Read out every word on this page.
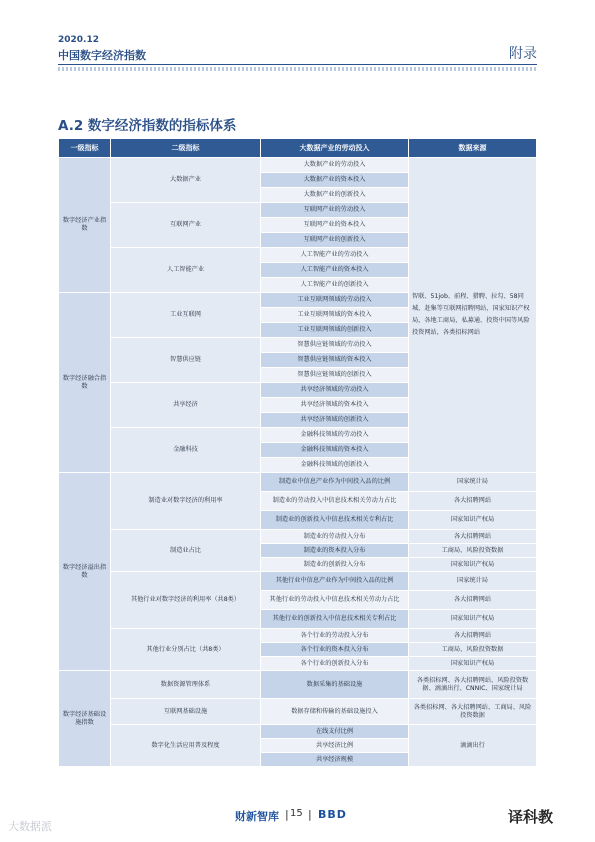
2020.12
中国数字经济指数	附录
A.2 数字经济指数的指标体系
一级指标	二级指标	大数据产业的劳动投入	数据来源
数字经济产业指数	大数据产业	大数据产业的劳动投入	智联、51job、前程、猎聘、拉勾、58同城、赶集等互联网招聘网站，国家知识产权局，各地工商局，私募通、投资中国等风险投资网站，各类招标网站
		大数据产业的资本投入	
		大数据产业的创新投入	
	互联网产业	互联网产业的劳动投入	
		互联网产业的资本投入	
		互联网产业的创新投入	
	人工智能产业	人工智能产业的劳动投入	
		人工智能产业的资本投入	
		人工智能产业的创新投入	
数字经济融合指数	工业互联网	工业互联网领域的劳动投入	
		工业互联网领域的资本投入	
		工业互联网领域的创新投入	
	智慧供应链	智慧供应链领域的劳动投入	
		智慧供应链领域的资本投入	
		智慧供应链领域的创新投入	
	共享经济	共享经济领域的劳动投入	
		共享经济领域的资本投入	
		共享经济领域的创新投入	
	金融科技	金融科技领域的劳动投入	
		金融科技领域的资本投入	
		金融科技领域的创新投入	
数字经济溢出指数	制造业对数字经济的利用率	制造业中信息产业作为中间投入品的比例	国家统计局
		制造业的劳动投入中信息技术相关劳动力占比	各大招聘网站
		制造业的创新投入中信息技术相关专利占比	国家知识产权局
	制造业占比	制造业的劳动投入分布	各大招聘网站
		制造业的资本投入分布	工商局、风险投资数据
		制造业的创新投入分布	国家知识产权局
	其他行业对数字经济的利用率（共8类）	其他行业中信息产业作为中间投入品的比例	国家统计局
		其他行业的劳动投入中信息技术相关劳动力占比	各大招聘网站
		其他行业的创新投入中信息技术相关专利占比	国家知识产权局
	其他行业分别占比（共8类）	各个行业的劳动投入分布	各大招聘网站
		各个行业的资本投入分布	工商局、风险投资数据
		各个行业的创新投入分布	国家知识产权局
数字经济基础设施指数	数据资源管理体系	数据采集的基础设施	各类招标网、各大招聘网站、风险投资数据、滴滴出行、CNNIC、国家统计局
	互联网基础设施	数据存储和传输的基础设施投入	各类招标网、各大招聘网站、工商局、风险投资数据
	数字化生活应用普及程度	在线支付比例	滴滴出行
		共享经济比例	
		共享经济规模	
财新智库 | 15 | BBD
大数据派
译科教
